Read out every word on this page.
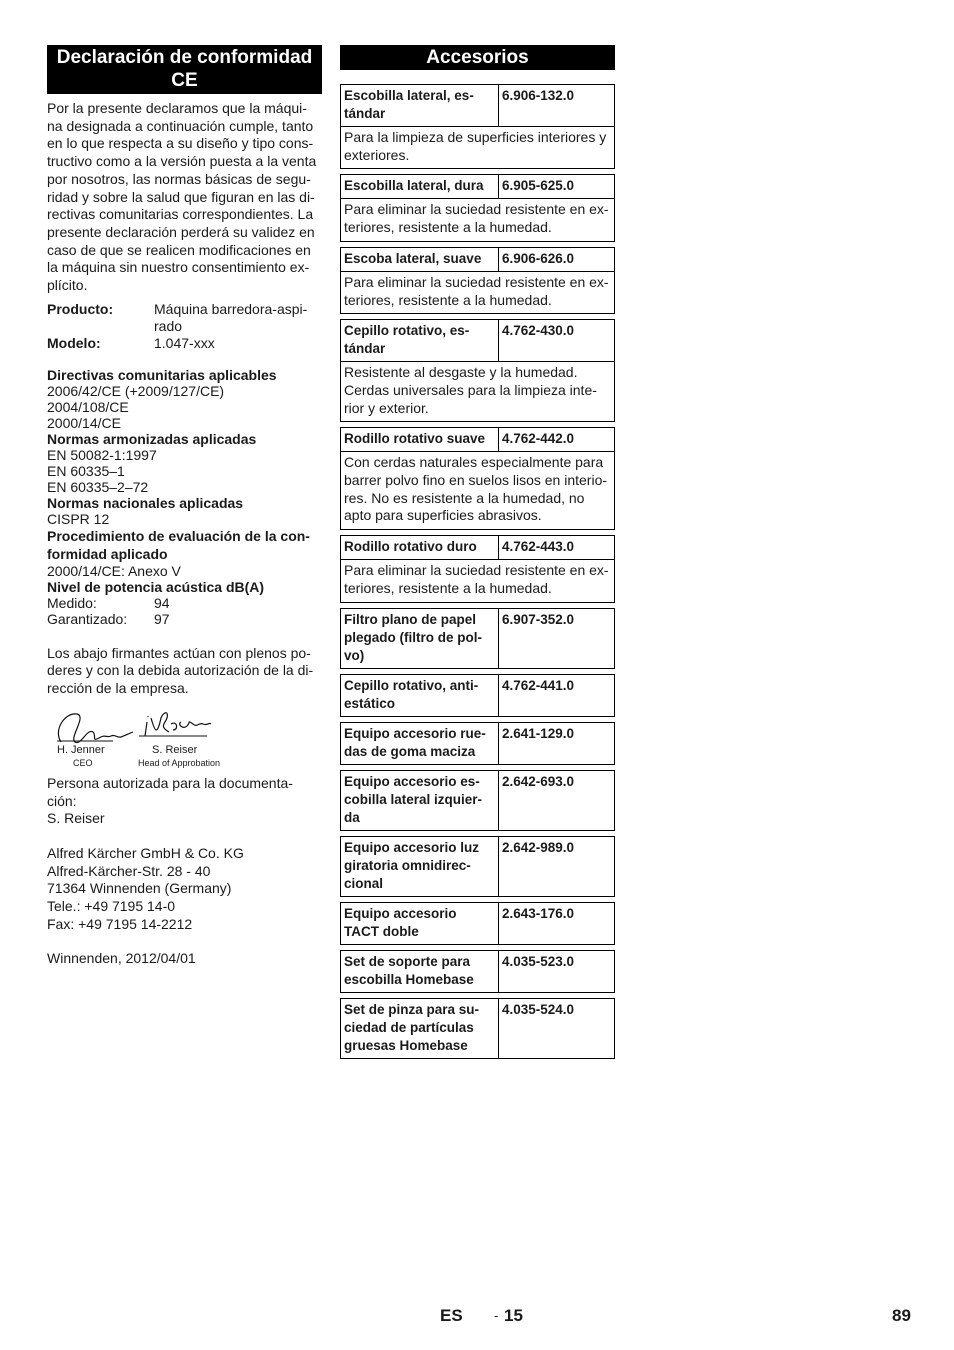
Declaración de conformidad CE
Por la presente declaramos que la máqui-
na designada a continuación cumple, tanto
en lo que respecta a su diseño y tipo cons-
tructivo como a la versión puesta a la venta
por nosotros, las normas básicas de segu-
ridad y sobre la salud que figuran en las di-
rectivas comunitarias correspondientes. La
presente declaración perderá su validez en
caso de que se realicen modificaciones en
la máquina sin nuestro consentimiento ex-
plícito.
Producto:	Máquina barredora-aspi-
rado
Modelo:	1.047-xxx
Directivas comunitarias aplicables
2006/42/CE (+2009/127/CE)
2004/108/CE
2000/14/CE
Normas armonizadas aplicadas
EN 50082-1:1997
EN 60335–1
EN 60335–2–72
Normas nacionales aplicadas
CISPR 12
Procedimiento de evaluación de la con-
formidad aplicado
2000/14/CE: Anexo V
Nivel de potencia acústica dB(A)
Medido:	94
Garantizado:	97
Los abajo firmantes actúan con plenos po-
deres y con la debida autorización de la di-
rección de la empresa.
H. Jenner
CEO
S. Reiser
Head of Approbation
Persona autorizada para la documenta-
ción:
S. Reiser
Alfred Kärcher GmbH & Co. KG
Alfred-Kärcher-Str. 28 - 40
71364 Winnenden (Germany)
Tele.: +49 7195 14-0
Fax: +49 7195 14-2212
Winnenden, 2012/04/01
Accesorios
Escobilla lateral, es-
tándar
6.906-132.0
Para la limpieza de superficies interiores y
exteriores.
Escobilla lateral, dura	6.905-625.0
Para eliminar la suciedad resistente en ex-
teriores, resistente a la humedad.
Escoba lateral, suave	6.906-626.0
Para eliminar la suciedad resistente en ex-
teriores, resistente a la humedad.
Cepillo rotativo, es-
tándar
4.762-430.0
Resistente al desgaste y la humedad.
Cerdas universales para la limpieza inte-
rior y exterior.
Rodillo rotativo suave	4.762-442.0
Con cerdas naturales especialmente para
barrer polvo fino en suelos lisos en interio-
res. No es resistente a la humedad, no
apto para superficies abrasivos.
Rodillo rotativo duro	4.762-443.0
Para eliminar la suciedad resistente en ex-
teriores, resistente a la humedad.
Filtro plano de papel
plegado (filtro de pol-
vo)
6.907-352.0
Cepillo rotativo, anti-
estático
4.762-441.0
Equipo accesorio rue-
das de goma maciza
2.641-129.0
Equipo accesorio es-
cobilla lateral izquier-
da
2.642-693.0
Equipo accesorio luz
giratoria omnidirec-
cional
2.642-989.0
Equipo accesorio
TACT doble
2.643-176.0
Set de soporte para
escobilla Homebase
4.035-523.0
Set de pinza para su-
ciedad de partículas
gruesas Homebase
4.035-524.0
ES - 15	89
